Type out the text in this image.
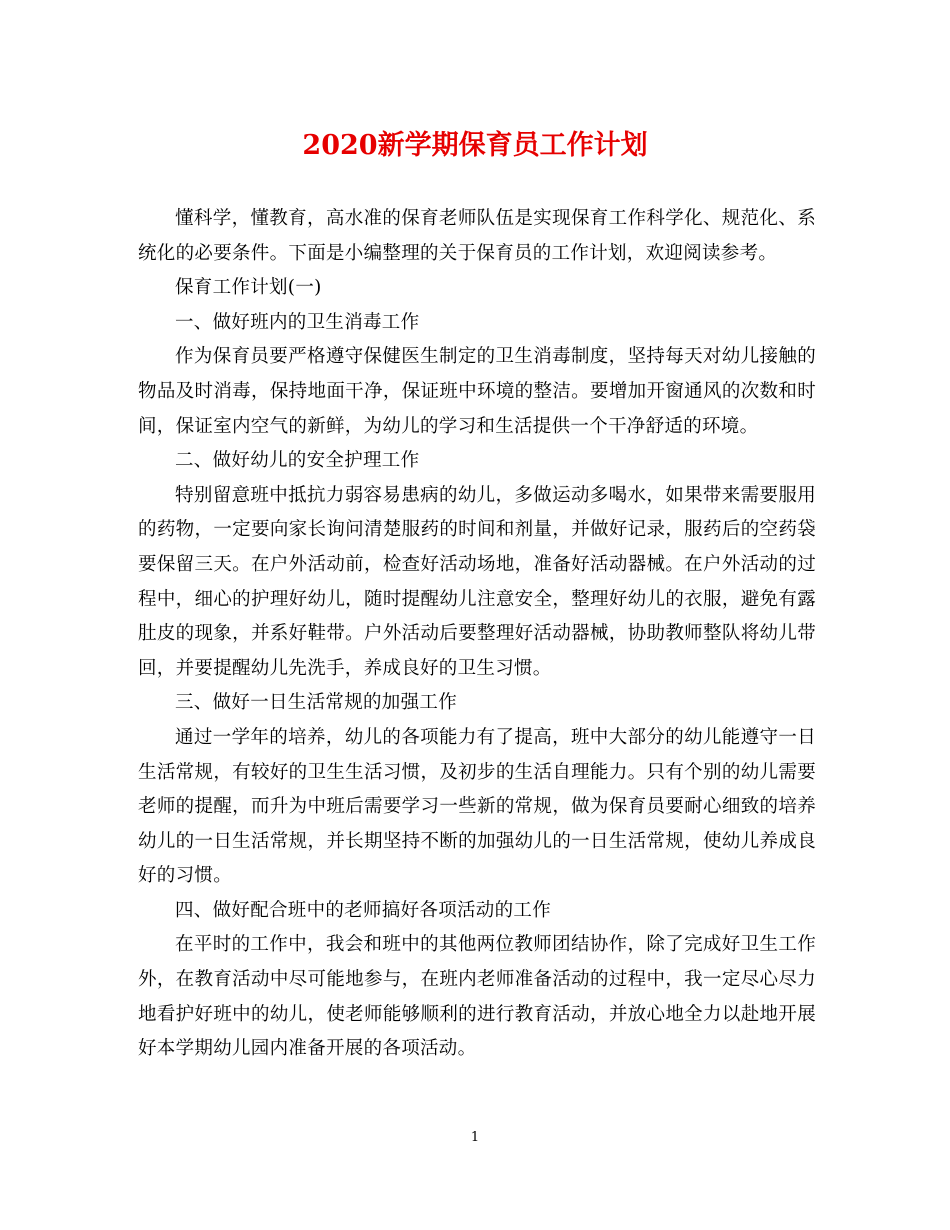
2020新学期保育员工作计划

懂科学，懂教育，高水准的保育老师队伍是实现保育工作科学化、规范化、系统化的必要条件。下面是小编整理的关于保育员的工作计划，欢迎阅读参考。

保育工作计划(一)

一、做好班内的卫生消毒工作

作为保育员要严格遵守保健医生制定的卫生消毒制度，坚持每天对幼儿接触的物品及时消毒，保持地面干净，保证班中环境的整洁。要增加开窗通风的次数和时间，保证室内空气的新鲜，为幼儿的学习和生活提供一个干净舒适的环境。

二、做好幼儿的安全护理工作

特别留意班中抵抗力弱容易患病的幼儿，多做运动多喝水，如果带来需要服用的药物，一定要向家长询问清楚服药的时间和剂量，并做好记录，服药后的空药袋要保留三天。在户外活动前，检查好活动场地，准备好活动器械。在户外活动的过程中，细心的护理好幼儿，随时提醒幼儿注意安全，整理好幼儿的衣服，避免有露肚皮的现象，并系好鞋带。户外活动后要整理好活动器械，协助教师整队将幼儿带回，并要提醒幼儿先洗手，养成良好的卫生习惯。

三、做好一日生活常规的加强工作

通过一学年的培养，幼儿的各项能力有了提高，班中大部分的幼儿能遵守一日生活常规，有较好的卫生生活习惯，及初步的生活自理能力。只有个别的幼儿需要老师的提醒，而升为中班后需要学习一些新的常规，做为保育员要耐心细致的培养幼儿的一日生活常规，并长期坚持不断的加强幼儿的一日生活常规，使幼儿养成良好的习惯。

四、做好配合班中的老师搞好各项活动的工作

在平时的工作中，我会和班中的其他两位教师团结协作，除了完成好卫生工作外，在教育活动中尽可能地参与，在班内老师准备活动的过程中，我一定尽心尽力地看护好班中的幼儿，使老师能够顺利的进行教育活动，并放心地全力以赴地开展好本学期幼儿园内准备开展的各项活动。

1
